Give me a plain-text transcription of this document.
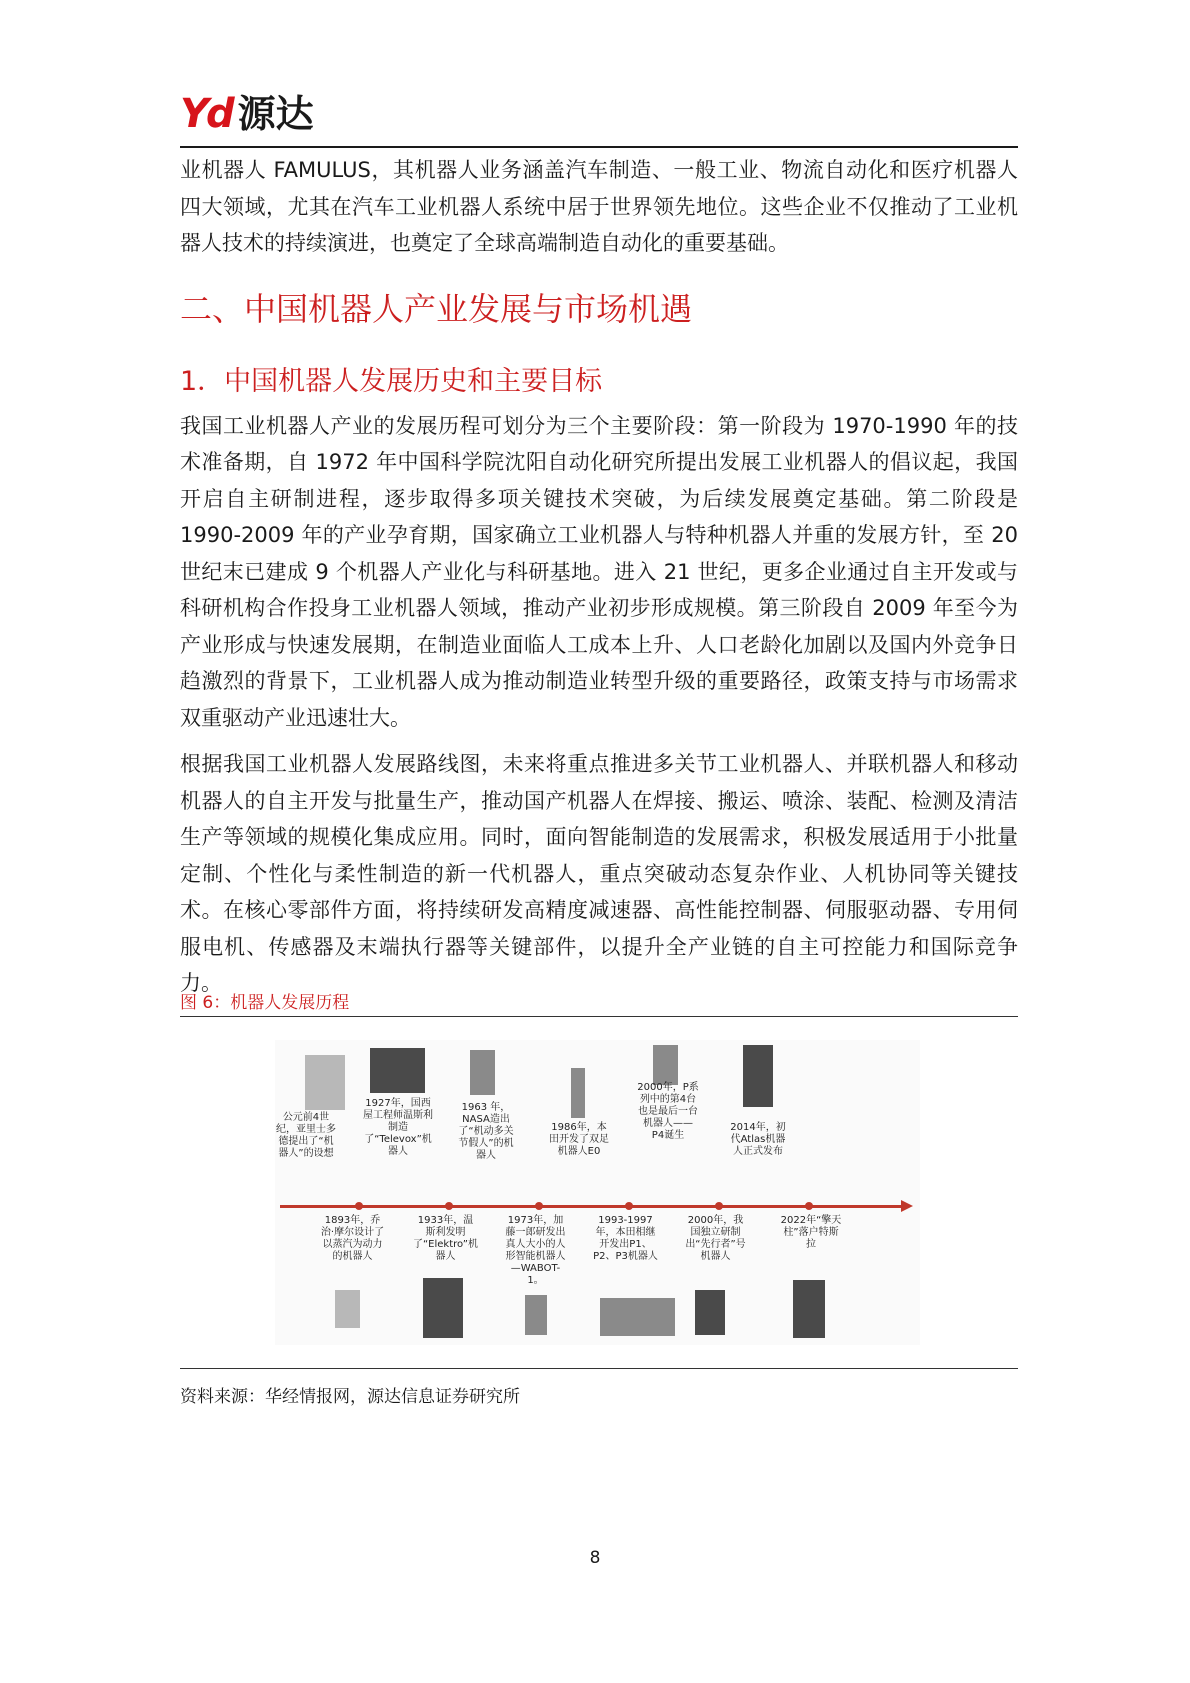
Yd 源达

业机器人 FAMULUS，其机器人业务涵盖汽车制造、一般工业、物流自动化和医疗机器人四大领域，尤其在汽车工业机器人系统中居于世界领先地位。这些企业不仅推动了工业机器人技术的持续演进，也奠定了全球高端制造自动化的重要基础。

二、中国机器人产业发展与市场机遇
1．中国机器人发展历史和主要目标

我国工业机器人产业的发展历程可划分为三个主要阶段：第一阶段为 1970-1990 年的技术准备期，自 1972 年中国科学院沈阳自动化研究所提出发展工业机器人的倡议起，我国开启自主研制进程，逐步取得多项关键技术突破，为后续发展奠定基础。第二阶段是 1990-2009 年的产业孕育期，国家确立工业机器人与特种机器人并重的发展方针，至 20 世纪末已建成 9 个机器人产业化与科研基地。进入 21 世纪，更多企业通过自主开发或与科研机构合作投身工业机器人领域，推动产业初步形成规模。第三阶段自 2009 年至今为产业形成与快速发展期，在制造业面临人工成本上升、人口老龄化加剧以及国内外竞争日趋激烈的背景下，工业机器人成为推动制造业转型升级的重要路径，政策支持与市场需求双重驱动产业迅速壮大。

根据我国工业机器人发展路线图，未来将重点推进多关节工业机器人、并联机器人和移动机器人的自主开发与批量生产，推动国产机器人在焊接、搬运、喷涂、装配、检测及清洁生产等领域的规模化集成应用。同时，面向智能制造的发展需求，积极发展适用于小批量定制、个性化与柔性制造的新一代机器人，重点突破动态复杂作业、人机协同等关键技术。在核心零部件方面，将持续研发高精度减速器、高性能控制器、伺服驱动器、专用伺服电机、传感器及末端执行器等关键部件，以提升全产业链的自主可控能力和国际竞争力。

图 6：机器人发展历程
公元前4世纪，亚里士多德提出了“机器人”的设想
1927年，国西屋工程师温斯利制造了“Televox”机器人
1963 年，NASA造出了“机动多关节假人”的机器人
1986年，本田开发了双足机器人E0
2000年，P系列中的第4台也是最后一台机器人——P4诞生
2014年，初代Atlas机器人正式发布
1893年，乔治·摩尔设计了以蒸汽为动力的机器人
1933年，温斯利发明了“Elektro”机器人
1973年，加藤一郎研发出真人大小的人形智能机器人—WABOT-1。
1993-1997年，本田相继开发出P1、P2、P3机器人
2000年，我国独立研制出“先行者”号机器人
2022年“擎天柱”落户特斯拉
资料来源：华经情报网，源达信息证券研究所
8
